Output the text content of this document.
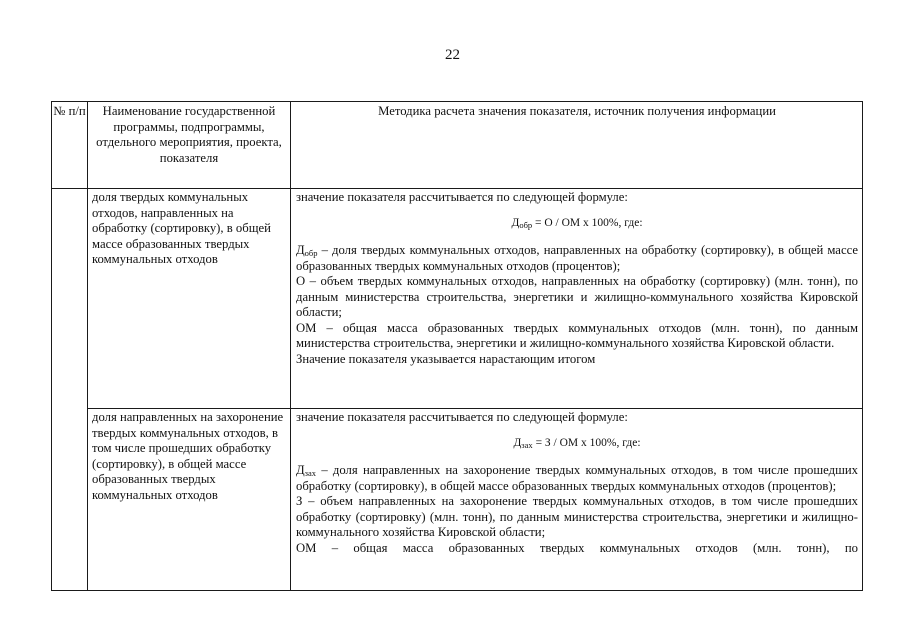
22
№ п/п	Наименование государственной программы, подпрограммы, отдельного мероприятия, проекта, показателя
Методика расчета значения показателя, источник получения информации
доля твердых коммунальных отходов, направленных на обработку (сортировку), в общей массе образованных твердых коммунальных отходов

значение показателя рассчитывается по следующей формуле:

$Д_{обр} = О$ / ОМ х 100%, где:

$Д_{обр}$ – доля твердых коммунальных отходов, направленных на обработку (сортировку), в общей массе образованных твердых коммунальных отходов (процентов);

О – объем твердых коммунальных отходов, направленных на обработку (сортировку) (млн. тонн), по данным министерства строительства, энергетики и жилищно-коммунального хозяйства Кировской области;

ОМ – общая масса образованных твердых коммунальных отходов (млн. тонн), по данным министерства строительства, энергетики и жилищно-коммунального хозяйства Кировской области.

Значение показателя указывается нарастающим итогом

доля направленных на захоронение твердых коммунальных отходов, в том числе прошедших обработку (сортировку), в общей массе образованных твердых коммунальных отходов

значение показателя рассчитывается по следующей формуле:

$Д_{зах} = З$ / ОМ х 100%, где:

$Д_{зах}$ – доля направленных на захоронение твердых коммунальных отходов, в том числе прошедших обработку (сортировку), в общей массе образованных твердых коммунальных отходов (процентов);

З – объем направленных на захоронение твердых коммунальных отходов, в том числе прошедших обработку (сортировку) (млн. тонн), по данным министерства строительства, энергетики и жилищно-коммунального хозяйства Кировской области;

ОМ – общая масса образованных твердых коммунальных отходов (млн. тонн), по
